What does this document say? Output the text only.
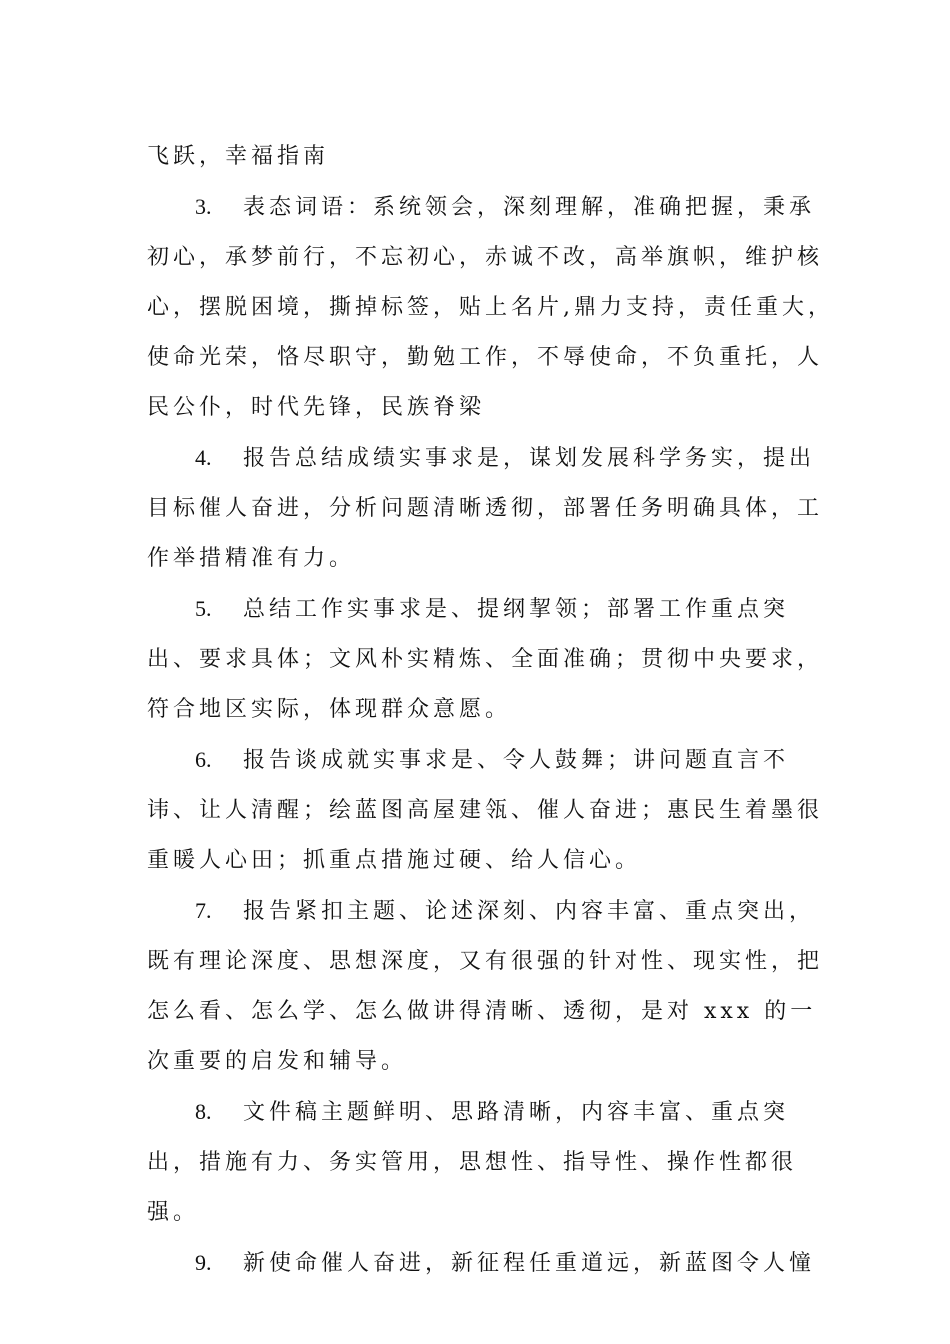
飞跃，幸福指南

3. 表态词语：系统领会，深刻理解，准确把握，秉承初心，承梦前行，不忘初心，赤诚不改，高举旗帜，维护核心，摆脱困境，撕掉标签，贴上名片,鼎力支持，责任重大，使命光荣，恪尽职守，勤勉工作，不辱使命，不负重托，人民公仆，时代先锋，民族脊梁

4. 报告总结成绩实事求是，谋划发展科学务实，提出目标催人奋进，分析问题清晰透彻，部署任务明确具体，工作举措精准有力。

5. 总结工作实事求是、提纲挈领；部署工作重点突出、要求具体；文风朴实精炼、全面准确；贯彻中央要求，符合地区实际，体现群众意愿。

6. 报告谈成就实事求是、令人鼓舞；讲问题直言不讳、让人清醒；绘蓝图高屋建瓴、催人奋进；惠民生着墨很重暖人心田；抓重点措施过硬、给人信心。

7. 报告紧扣主题、论述深刻、内容丰富、重点突出，既有理论深度、思想深度，又有很强的针对性、现实性，把怎么看、怎么学、怎么做讲得清晰、透彻，是对 xxx 的一次重要的启发和辅导。

8. 文件稿主题鲜明、思路清晰，内容丰富、重点突出，措施有力、务实管用，思想性、指导性、操作性都很强。

9. 新使命催人奋进，新征程任重道远，新蓝图令人憧
